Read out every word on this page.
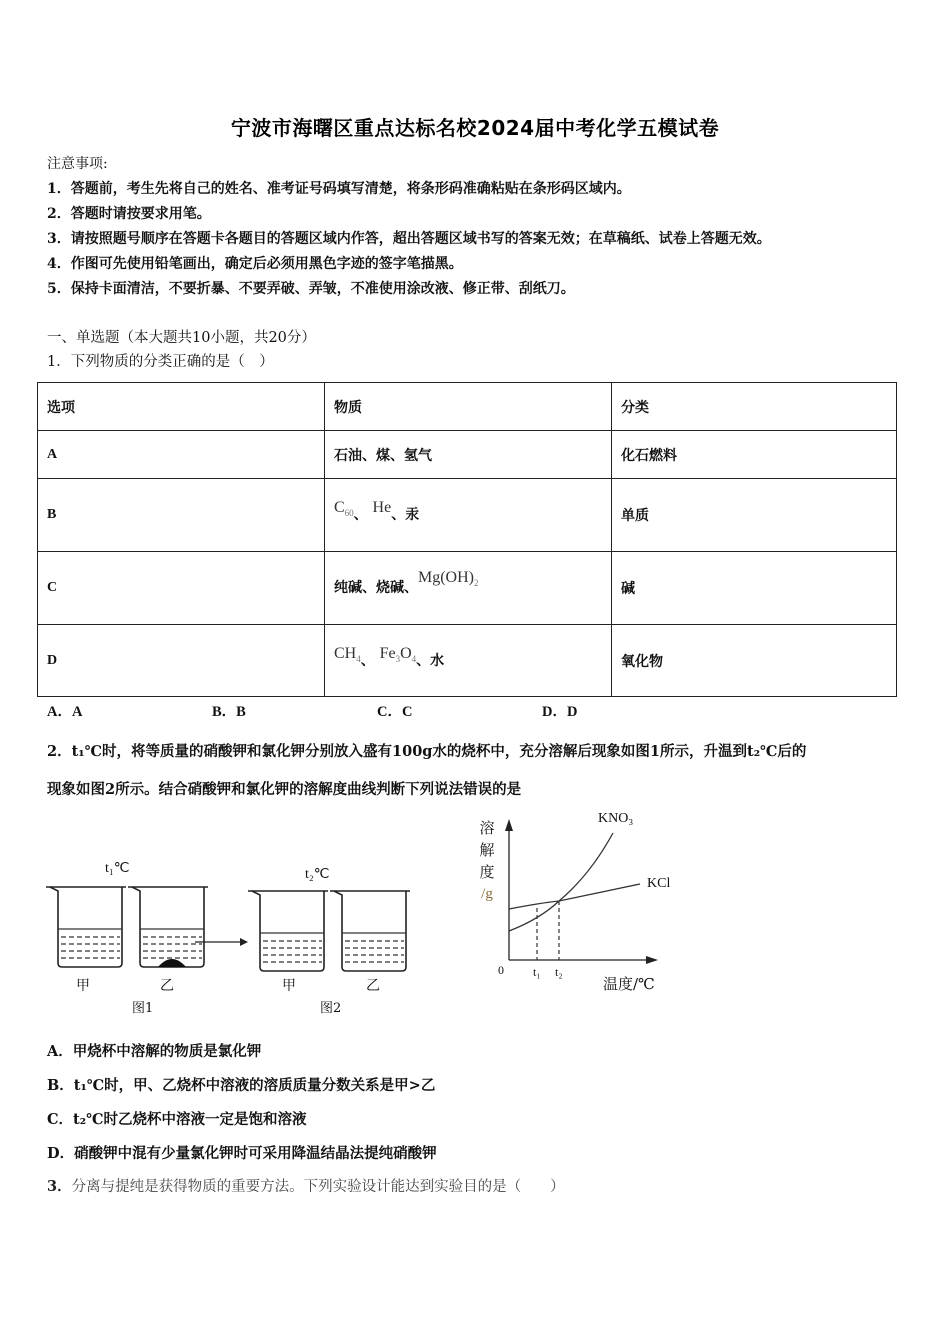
宁波市海曙区重点达标名校2024届中考化学五模试卷
注意事项:
1．答题前，考生先将自己的姓名、准考证号码填写清楚，将条形码准确粘贴在条形码区域内。
2．答题时请按要求用笔。
3．请按照题号顺序在答题卡各题目的答题区域内作答，超出答题区域书写的答案无效；在草稿纸、试卷上答题无效。
4．作图可先使用铅笔画出，确定后必须用黑色字迹的签字笔描黑。
5．保持卡面清洁，不要折暴、不要弄破、弄皱，不准使用涂改液、修正带、刮纸刀。
一、单选题（本大题共10小题，共20分）
1．下列物质的分类正确的是（　）
选项	物质	分类
A	石油、煤、氢气	化石燃料
B	$C_{60}$、 He、汞	单质
C	纯碱、烧碱、$Mg(OH)_2$	碱
D	$CH_4$、 $Fe_3O_4$、水	氧化物
A．A	B．B	C．C	D．D
2．t₁℃时，将等质量的硝酸钾和氯化钾分别放入盛有100g水的烧杯中，充分溶解后现象如图1所示，升温到t₂℃后的
现象如图2所示。结合硝酸钾和氯化钾的溶解度曲线判断下列说法错误的是
t₁℃	t₂℃
甲	乙	甲	乙
图1	图2
溶
解
度
/g
KNO₃
KCl
0 t₁ t₂
温度/℃
A．甲烧杯中溶解的物质是氯化钾
B．t₁℃时，甲、乙烧杯中溶液的溶质质量分数关系是甲>乙
C．t₂℃时乙烧杯中溶液一定是饱和溶液
D．硝酸钾中混有少量氯化钾时可采用降温结晶法提纯硝酸钾
3．分离与提纯是获得物质的重要方法。下列实验设计能达到实验目的是（　　）
